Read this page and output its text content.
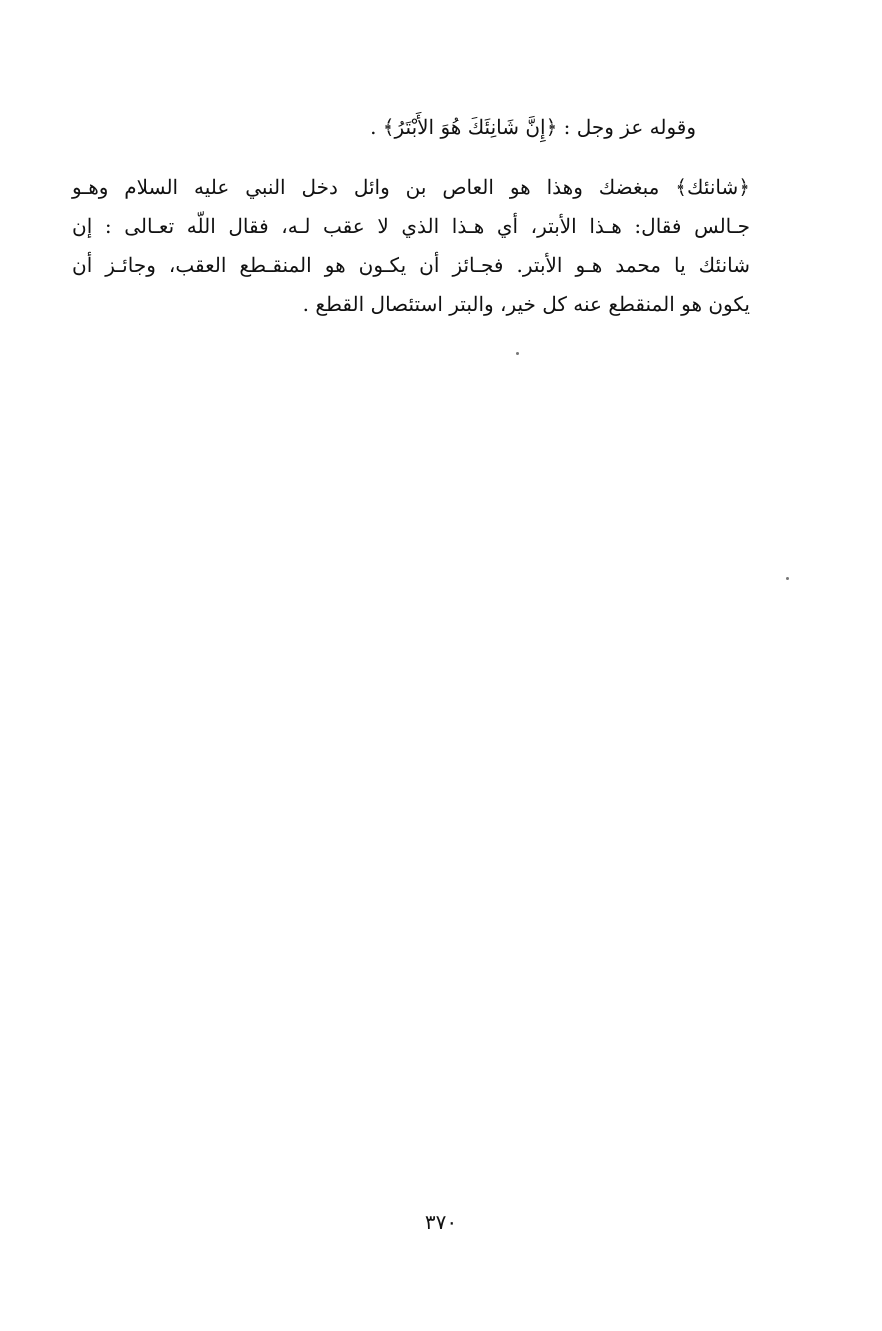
وقوله عز وجل : ﴿إِنَّ شَانِئَكَ هُوَ الأَبْتَرُ﴾ .
﴿شانئك﴾ مبغضك وهذا هو العاص بن وائل دخل النبي عليه السلام وهـو
جـالس فقال: هـذا الأبتر، أي هـذا الذي لا عقب لـه، فقال اللّه تعـالى : إن
شانئك يا محمد هـو الأبتر. فجـائز أن يكـون هو المنقـطع العقب، وجائـز أن
يكون هو المنقطع عنه كل خير، والبتر استئصال القطع .
٣٧٠
